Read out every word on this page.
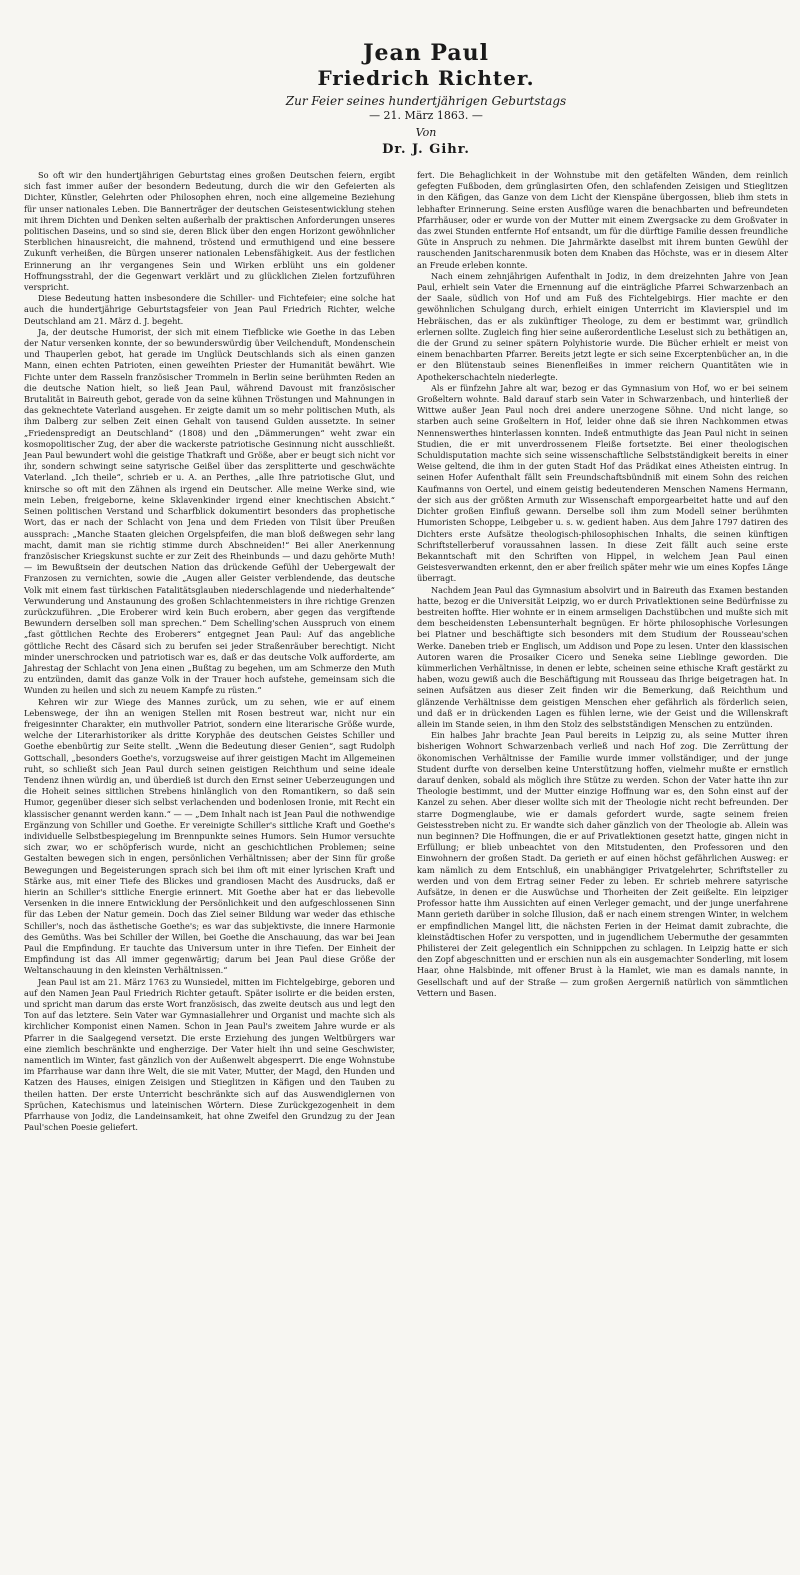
Jean Paul
Friedrich Richter.
Zur Feier seines hundertjährigen Geburtstags
— 21. März 1863. —
Von
Dr. J. Gihr.

So oft wir den hundertjährigen Geburtstag eines großen Deutschen feiern, ergibt sich fast immer außer der besondern Bedeutung, durch die wir den Gefeierten als Dichter, Künstler, Gelehrten oder Philosophen ehren, noch eine allgemeine Beziehung für unser nationales Leben. Die Bannerträger der deutschen Geistesentwicklung stehen mit ihrem Dichten und Denken selten außerhalb der praktischen Anforderungen unseres politischen Daseins, und so sind sie, deren Blick über den engen Horizont gewöhnlicher Sterblichen hinausreicht, die mahnend, tröstend und ermuthigend und eine bessere Zukunft verheißen, die Bürgen unserer nationalen Lebensfähigkeit. Aus der festlichen Erinnerung an ihr vergangenes Sein und Wirken erblüht uns ein goldener Hoffnungsstrahl, der die Gegenwart verklärt und zu glücklichen Zielen fortzuführen verspricht.

Diese Bedeutung hatten insbesondere die Schiller- und Fichtefeier; eine solche hat auch die hundertjährige Geburtstagsfeier von Jean Paul Friedrich Richter, welche Deutschland am 21. März d. J. begeht.

Ja, der deutsche Humorist, der sich mit einem Tiefblicke wie Goethe in das Leben der Natur versenken konnte, der so bewunderswürdig über Veilchenduft, Mondenschein und Thauperlen gebot, hat gerade im Unglück Deutschlands sich als einen ganzen Mann, einen echten Patrioten, einen geweihten Priester der Humanität bewährt. Wie Fichte unter dem Rasseln französischer Trommeln in Berlin seine berühmten Reden an die deutsche Nation hielt, so ließ Jean Paul, während Davoust mit französischer Brutalität in Baireuth gebot, gerade von da seine kühnen Tröstungen und Mahnungen in das geknechtete Vaterland ausgehen. Er zeigte damit um so mehr politischen Muth, als ihm Dalberg zur selben Zeit einen Gehalt von tausend Gulden aussetzte. In seiner „Friedenspredigt an Deutschland“ (1808) und den „Dämmerungen“ weht zwar ein kosmopolitischer Zug, der aber die wackerste patriotische Gesinnung nicht ausschließt. Jean Paul bewundert wohl die geistige Thatkraft und Größe, aber er beugt sich nicht vor ihr, sondern schwingt seine satyrische Geißel über das zersplitterte und geschwächte Vaterland. „Ich theile“, schrieb er u. A. an Perthes, „alle Ihre patriotische Glut, und knirsche so oft mit den Zähnen als irgend ein Deutscher. Alle meine Werke sind, wie mein Leben, freigeborne, keine Sklavenkinder irgend einer knechtischen Absicht.“ Seinen politischen Verstand und Scharfblick dokumentirt besonders das prophetische Wort, das er nach der Schlacht von Jena und dem Frieden von Tilsit über Preußen aussprach: „Manche Staaten gleichen Orgelspfeifen, die man bloß deßwegen sehr lang macht, damit man sie richtig stimme durch Abschneiden!“ Bei aller Anerkennung französischer Kriegskunst suchte er zur Zeit des Rheinbunds — und dazu gehörte Muth! — im Bewußtsein der deutschen Nation das drückende Gefühl der Uebergewalt der Franzosen zu vernichten, sowie die „Augen aller Geister verblendende, das deutsche Volk mit einem fast türkischen Fatalitätsglauben niederschlagende und niederhaltende“ Verwunderung und Anstaunung des großen Schlachtenmeisters in ihre richtige Grenzen zurückzuführen. „Die Eroberer wird kein Buch erobern, aber gegen das vergiftende Bewundern derselben soll man sprechen.“ Dem Schelling'schen Ausspruch von einem „fast göttlichen Rechte des Eroberers“ entgegnet Jean Paul: Auf das angebliche göttliche Recht des Cäsard sich zu berufen sei jeder Straßenräuber berechtigt. Nicht minder unerschrocken und patriotisch war es, daß er das deutsche Volk aufforderte, am Jahrestag der Schlacht von Jena einen „Bußtag zu begehen, um am Schmerze den Muth zu entzünden, damit das ganze Volk in der Trauer hoch aufstehe, gemeinsam sich die Wunden zu heilen und sich zu neuem Kampfe zu rüsten.“

Kehren wir zur Wiege des Mannes zurück, um zu sehen, wie er auf einem Lebenswege, der ihn an wenigen Stellen mit Rosen bestreut war, nicht nur ein freigesinnter Charakter, ein muthvoller Patriot, sondern eine literarische Größe wurde, welche der Literarhistoriker als dritte Koryphäe des deutschen Geistes Schiller und Goethe ebenbürtig zur Seite stellt. „Wenn die Bedeutung dieser Genien“, sagt Rudolph Gottschall, „besonders Goethe's, vorzugsweise auf ihrer geistigen Macht im Allgemeinen ruht, so schließt sich Jean Paul durch seinen geistigen Reichthum und seine ideale Tendenz ihnen würdig an, und überdieß ist durch den Ernst seiner Ueberzeugungen und die Hoheit seines sittlichen Strebens hinlänglich von den Romantikern, so daß sein Humor, gegenüber dieser sich selbst verlachenden und bodenlosen Ironie, mit Recht ein klassischer genannt werden kann.“ — — „Dem Inhalt nach ist Jean Paul die nothwendige Ergänzung von Schiller und Goethe. Er vereinigte Schiller's sittliche Kraft und Goethe's individuelle Selbstbespiegelung im Brennpunkte seines Humors. Sein Humor versuchte sich zwar, wo er schöpferisch wurde, nicht an geschichtlichen Problemen; seine Gestalten bewegen sich in engen, persönlichen Verhältnissen; aber der Sinn für große Bewegungen und Begeisterungen sprach sich bei ihm oft mit einer lyrischen Kraft und Stärke aus, mit einer Tiefe des Blickes und grandiosen Macht des Ausdrucks, daß er hierin an Schiller's sittliche Energie erinnert. Mit Goethe aber hat er das liebevolle Versenken in die innere Entwicklung der Persönlichkeit und den aufgeschlossenen Sinn für das Leben der Natur gemein. Doch das Ziel seiner Bildung war weder das ethische Schiller's, noch das ästhetische Goethe's; es war das subjektivste, die innere Harmonie des Gemüths. Was bei Schiller der Willen, bei Goethe die Anschauung, das war bei Jean Paul die Empfindung. Er tauchte das Universum unter in ihre Tiefen. Der Einheit der Empfindung ist das All immer gegenwärtig; darum bei Jean Paul diese Größe der Weltanschauung in den kleinsten Verhältnissen.“

Jean Paul ist am 21. März 1763 zu Wunsiedel, mitten im Fichtelgebirge, geboren und auf den Namen Jean Paul Friedrich Richter getauft. Später isolirte er die beiden ersten, und spricht man darum das erste Wort französisch, das zweite deutsch aus und legt den Ton auf das letztere. Sein Vater war Gymnasiallehrer und Organist und machte sich als kirchlicher Komponist einen Namen. Schon in Jean Paul's zweitem Jahre wurde er als Pfarrer in die Saalgegend versetzt. Die erste Erziehung des jungen Weltbürgers war eine ziemlich beschränkte und engherzige. Der Vater hielt ihn und seine Geschwister, namentlich im Winter, fast gänzlich von der Außenwelt abgesperrt. Die enge Wohnstube im Pfarrhause war dann ihre Welt, die sie mit Vater, Mutter, der Magd, den Hunden und Katzen des Hauses, einigen Zeisigen und Stieglitzen in Käfigen und den Tauben zu theilen hatten. Der erste Unterricht beschränkte sich auf das Auswendiglernen von Sprüchen, Katechismus und lateinischen Wörtern. Diese Zurückgezogenheit in dem Pfarrhause von Jodiz, die Landeinsamkeit, hat ohne Zweifel den Grundzug zu der Jean Paul'schen Poesie geliefert.

fert. Die Behaglichkeit in der Wohnstube mit den getäfelten Wänden, dem reinlich gefegten Fußboden, dem grünglasirten Ofen, den schlafenden Zeisigen und Stieglitzen in den Käfigen, das Ganze von dem Licht der Kienspäne übergossen, blieb ihm stets in lebhafter Erinnerung. Seine ersten Ausflüge waren die benachbarten und befreundeten Pfarrhäuser, oder er wurde von der Mutter mit einem Zwergsacke zu dem Großvater in das zwei Stunden entfernte Hof entsandt, um für die dürftige Familie dessen freundliche Güte in Anspruch zu nehmen. Die Jahrmärkte daselbst mit ihrem bunten Gewühl der rauschenden Janitscharenmusik boten dem Knaben das Höchste, was er in diesem Alter an Freude erleben konnte.

Nach einem zehnjährigen Aufenthalt in Jodiz, in dem dreizehnten Jahre von Jean Paul, erhielt sein Vater die Ernennung auf die einträgliche Pfarrei Schwarzenbach an der Saale, südlich von Hof und am Fuß des Fichtelgebirgs. Hier machte er den gewöhnlichen Schulgang durch, erhielt einigen Unterricht im Klavierspiel und im Hebräischen, das er als zukünftiger Theologe, zu dem er bestimmt war, gründlich erlernen sollte. Zugleich fing hier seine außerordentliche Leselust sich zu bethätigen an, die der Grund zu seiner spätern Polyhistorie wurde. Die Bücher erhielt er meist von einem benachbarten Pfarrer. Bereits jetzt legte er sich seine Excerptenbücher an, in die er den Blütenstaub seines Bienenfleißes in immer reichern Quantitäten wie in Apothekerschachteln niederlegte.

Als er fünfzehn Jahre alt war, bezog er das Gymnasium von Hof, wo er bei seinem Großeltern wohnte. Bald darauf starb sein Vater in Schwarzenbach, und hinterließ der Wittwe außer Jean Paul noch drei andere unerzogene Söhne. Und nicht lange, so starben auch seine Großeltern in Hof, leider ohne daß sie ihren Nachkommen etwas Nennenswerthes hinterlassen konnten. Indeß entmuthigte das Jean Paul nicht in seinen Studien, die er mit unverdrossenem Fleiße fortsetzte. Bei einer theologischen Schuldisputation machte sich seine wissenschaftliche Selbstständigkeit bereits in einer Weise geltend, die ihm in der guten Stadt Hof das Prädikat eines Atheisten eintrug. In seinen Hofer Aufenthalt fällt sein Freundschaftsbündniß mit einem Sohn des reichen Kaufmanns von Oertel, und einem geistig bedeutenderen Menschen Namens Hermann, der sich aus der größten Armuth zur Wissenschaft emporgearbeitet hatte und auf den Dichter großen Einfluß gewann. Derselbe soll ihm zum Modell seiner berühmten Humoristen Schoppe, Leibgeber u. s. w. gedient haben. Aus dem Jahre 1797 datiren des Dichters erste Aufsätze theologisch-philosophischen Inhalts, die seinen künftigen Schriftstellerberuf voraussahnen lassen. In diese Zeit fällt auch seine erste Bekanntschaft mit den Schriften von Hippel, in welchem Jean Paul einen Geistesverwandten erkennt, den er aber freilich später mehr wie um eines Kopfes Länge überragt.

Nachdem Jean Paul das Gymnasium absolvirt und in Baireuth das Examen bestanden hatte, bezog er die Universität Leipzig, wo er durch Privatlektionen seine Bedürfnisse zu bestreiten hoffte. Hier wohnte er in einem armseligen Dachstübchen und mußte sich mit dem bescheidensten Lebensunterhalt begnügen. Er hörte philosophische Vorlesungen bei Platner und beschäftigte sich besonders mit dem Studium der Rousseau'schen Werke. Daneben trieb er Englisch, um Addison und Pope zu lesen. Unter den klassischen Autoren waren die Prosaiker Cicero und Seneka seine Lieblinge geworden. Die kümmerlichen Verhältnisse, in denen er lebte, scheinen seine ethische Kraft gestärkt zu haben, wozu gewiß auch die Beschäftigung mit Rousseau das Ihrige beigetragen hat. In seinen Aufsätzen aus dieser Zeit finden wir die Bemerkung, daß Reichthum und glänzende Verhältnisse dem geistigen Menschen eher gefährlich als förderlich seien, und daß er in drückenden Lagen es fühlen lerne, wie der Geist und die Willenskraft allein im Stande seien, in ihm den Stolz des selbstständigen Menschen zu entzünden.

Ein halbes Jahr brachte Jean Paul bereits in Leipzig zu, als seine Mutter ihren bisherigen Wohnort Schwarzenbach verließ und nach Hof zog. Die Zerrüttung der ökonomischen Verhältnisse der Familie wurde immer vollständiger, und der junge Student durfte von derselben keine Unterstützung hoffen, vielmehr mußte er ernstlich darauf denken, sobald als möglich ihre Stütze zu werden. Schon der Vater hatte ihn zur Theologie bestimmt, und der Mutter einzige Hoffnung war es, den Sohn einst auf der Kanzel zu sehen. Aber dieser wollte sich mit der Theologie nicht recht befreunden. Der starre Dogmenglaube, wie er damals gefordert wurde, sagte seinem freien Geistesstreben nicht zu. Er wandte sich daher gänzlich von der Theologie ab. Allein was nun beginnen? Die Hoffnungen, die er auf Privatlektionen gesetzt hatte, gingen nicht in Erfüllung; er blieb unbeachtet von den Mitstudenten, den Professoren und den Einwohnern der großen Stadt. Da gerieth er auf einen höchst gefährlichen Ausweg: er kam nämlich zu dem Entschluß, ein unabhängiger Privatgelehrter, Schriftsteller zu werden und von dem Ertrag seiner Feder zu leben. Er schrieb mehrere satyrische Aufsätze, in denen er die Auswüchse und Thorheiten der Zeit geißelte. Ein leipziger Professor hatte ihm Aussichten auf einen Verleger gemacht, und der junge unerfahrene Mann gerieth darüber in solche Illusion, daß er nach einem strengen Winter, in welchem er empfindlichen Mangel litt, die nächsten Ferien in der Heimat damit zubrachte, die kleinstädtischen Hofer zu verspotten, und in jugendlichem Uebermuthe der gesammten Philisterei der Zeit gelegentlich ein Schnippchen zu schlagen. In Leipzig hatte er sich den Zopf abgeschnitten und er erschien nun als ein ausgemachter Sonderling, mit losem Haar, ohne Halsbinde, mit offener Brust à la Hamlet, wie man es damals nannte, in Gesellschaft und auf der Straße — zum großen Aergerniß natürlich von sämmtlichen Vettern und Basen.
